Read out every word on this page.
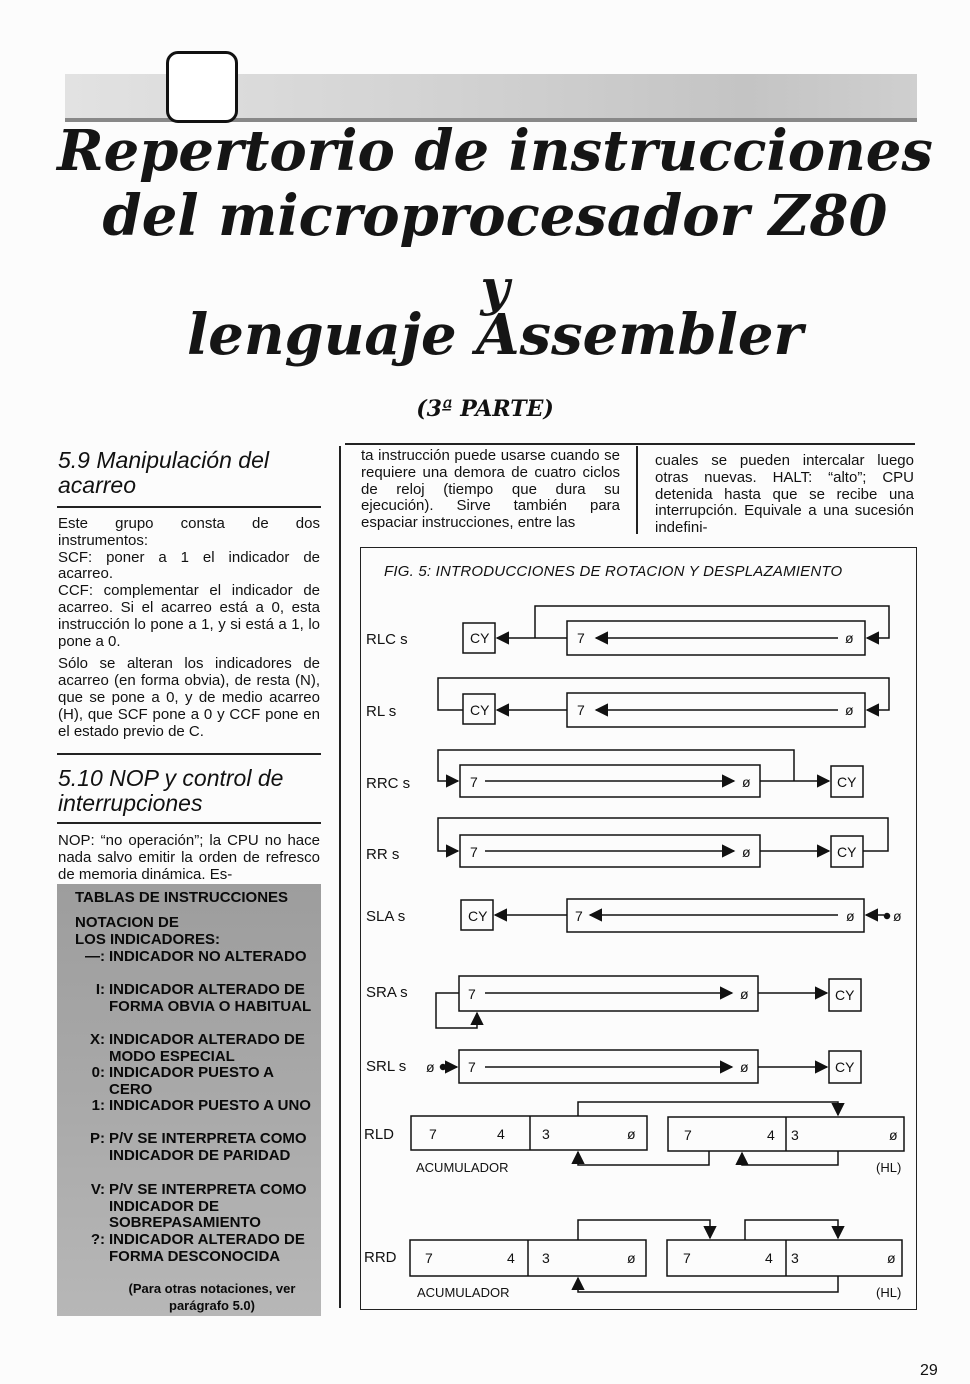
Repertorio de instrucciones
del microprocesador Z80
y
lenguaje Assembler
(3ª PARTE)
5.9 Manipulación del acarreo

Este grupo consta de dos instrumentos:

SCF: poner a 1 el indicador de acarreo.

CCF: complementar el indicador de acarreo. Si el acarreo está a 0, esta instrucción lo pone a 1, y si está a 1, lo pone a 0.

Sólo se alteran los indicadores de acarreo (en forma obvia), de resta (N), que se pone a 0, y de medio acarreo (H), que SCF pone a 0 y CCF pone en el estado previo de C.

5.10 NOP y control de interrupciones

NOP: “no operación”; la CPU no hace nada salvo emitir la orden de refresco de memoria dinámica. Es-

ta instrucción puede usarse cuando se requiere una demora de cuatro ciclos de reloj (tiempo que dura su ejecución). Sirve también para espaciar instrucciones, entre las

cuales se pueden intercalar luego otras nuevas. HALT: “alto”; CPU detenida hasta que se recibe una interrupción. Equivale a una sucesión indefini-

TABLAS DE INSTRUCCIONES
NOTACION DE
LOS INDICADORES:
—: INDICADOR NO ALTERADO
I: INDICADOR ALTERADO DE FORMA OBVIA O HABITUAL
X: INDICADOR ALTERADO DE MODO ESPECIAL
0: INDICADOR PUESTO A CERO
1: INDICADOR PUESTO A UNO
P: P/V SE INTERPRETA COMO INDICADOR DE PARIDAD
V: P/V SE INTERPRETA COMO INDICADOR DE SOBREPASAMIENTO
?: INDICADOR ALTERADO DE FORMA DESCONOCIDA
(Para otras notaciones, ver parágrafo 5.0)
FIG. 5: INTRODUCCIONES DE ROTACION Y DESPLAZAMIENTO
RLC s
RL s
RRC s
RR s
SLA s
SRA s
SRL s
RLD
RRD
CY	7	ø
CY	7	ø
7	ø	CY
7	ø	CY
CY	7	ø	ø
7	ø	CY
ø 7	ø	CY
7	4	3	ø	7	4 3	ø
ACUMULADOR	(HL)
7	4 3	ø	7	4 3	ø
ACUMULADOR	(HL)
29
